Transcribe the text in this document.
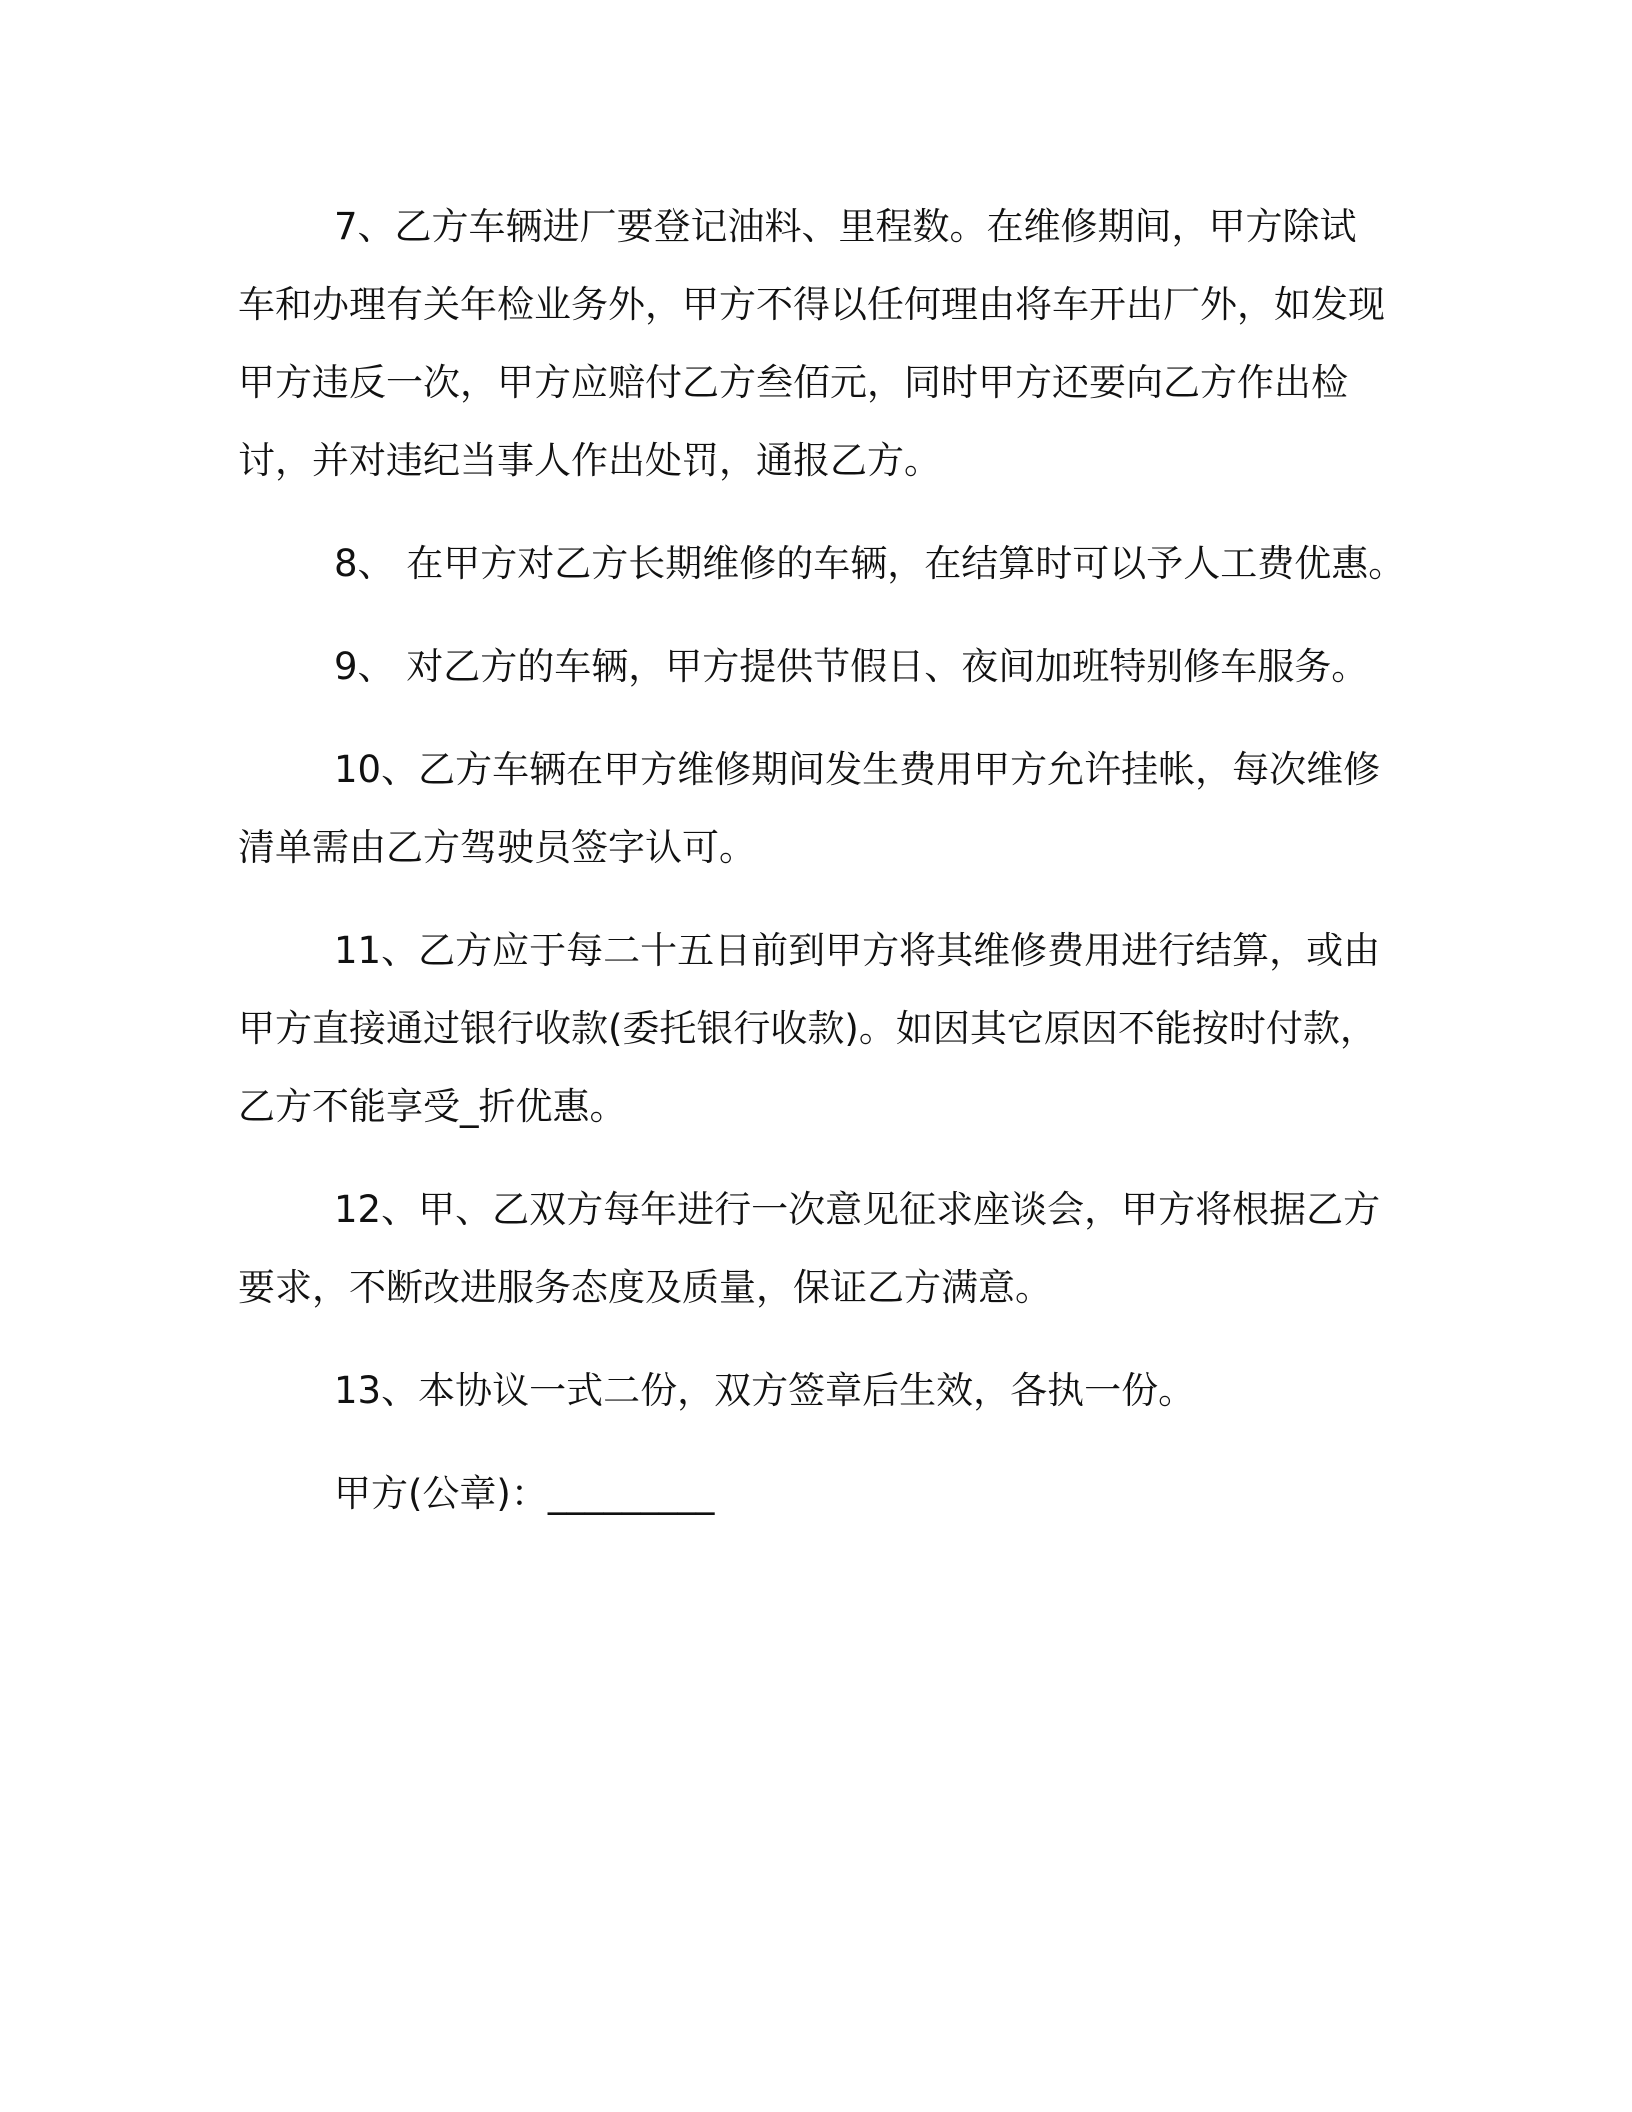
7、乙方车辆进厂要登记油料、里程数。在维修期间，甲方除试车和办理有关年检业务外，甲方不得以任何理由将车开出厂外，如发现甲方违反一次，甲方应赔付乙方叁佰元，同时甲方还要向乙方作出检讨，并对违纪当事人作出处罚，通报乙方。

8、 在甲方对乙方长期维修的车辆，在结算时可以予人工费优惠。

9、 对乙方的车辆，甲方提供节假日、夜间加班特别修车服务。

10、乙方车辆在甲方维修期间发生费用甲方允许挂帐，每次维修清单需由乙方驾驶员签字认可。

11、乙方应于每二十五日前到甲方将其维修费用进行结算，或由甲方直接通过银行收款(委托银行收款)。如因其它原因不能按时付款，乙方不能享受_折优惠。

12、甲、乙双方每年进行一次意见征求座谈会，甲方将根据乙方要求，不断改进服务态度及质量，保证乙方满意。

13、本协议一式二份，双方签章后生效，各执一份。

甲方(公章)：_________
